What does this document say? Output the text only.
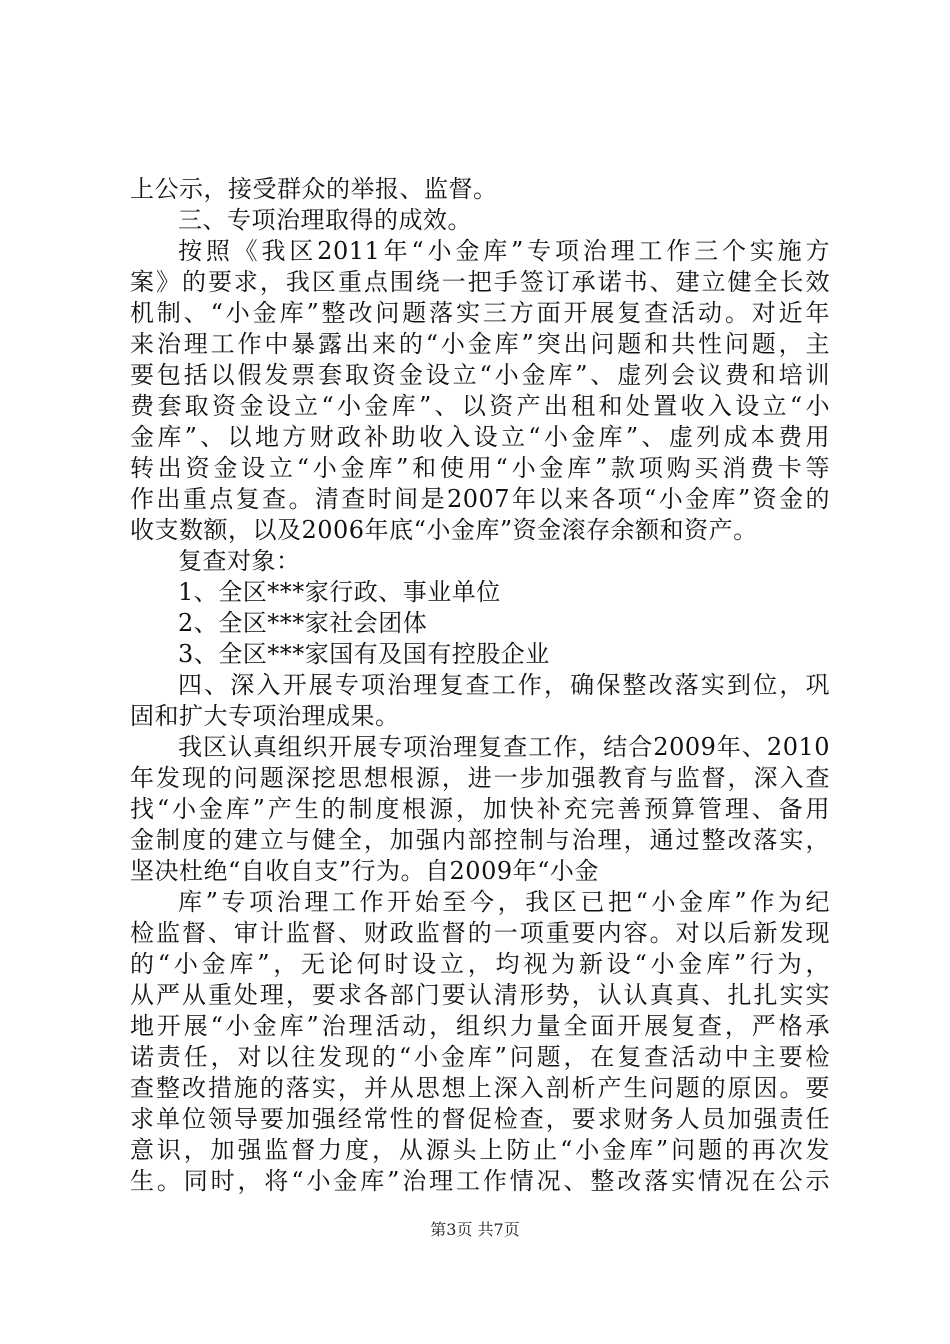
上公示，接受群众的举报、监督。
三、专项治理取得的成效。
按照《我区2011年“小金库”专项治理工作三个实施方
案》的要求，我区重点围绕一把手签订承诺书、建立健全长效
机制、“小金库”整改问题落实三方面开展复查活动。对近年
来治理工作中暴露出来的“小金库”突出问题和共性问题，主
要包括以假发票套取资金设立“小金库”、虚列会议费和培训
费套取资金设立“小金库”、以资产出租和处置收入设立“小
金库”、以地方财政补助收入设立“小金库”、虚列成本费用
转出资金设立“小金库”和使用“小金库”款项购买消费卡等
作出重点复查。清查时间是2007年以来各项“小金库”资金的
收支数额，以及2006年底“小金库”资金滚存余额和资产。
复查对象：
1、全区***家行政、事业单位
2、全区***家社会团体
3、全区***家国有及国有控股企业
四、深入开展专项治理复查工作，确保整改落实到位，巩
固和扩大专项治理成果。
我区认真组织开展专项治理复查工作，结合2009年、2010
年发现的问题深挖思想根源，进一步加强教育与监督，深入查
找“小金库”产生的制度根源，加快补充完善预算管理、备用
金制度的建立与健全，加强内部控制与治理，通过整改落实，
坚决杜绝“自收自支”行为。自2009年“小金
库”专项治理工作开始至今，我区已把“小金库”作为纪
检监督、审计监督、财政监督的一项重要内容。对以后新发现
的“小金库”，无论何时设立，均视为新设“小金库”行为，
从严从重处理，要求各部门要认清形势，认认真真、扎扎实实
地开展“小金库”治理活动，组织力量全面开展复查，严格承
诺责任，对以往发现的“小金库”问题，在复查活动中主要检
查整改措施的落实，并从思想上深入剖析产生问题的原因。要
求单位领导要加强经常性的督促检查，要求财务人员加强责任
意识，加强监督力度，从源头上防止“小金库”问题的再次发
生。同时，将“小金库”治理工作情况、整改落实情况在公示
第3页 共7页
